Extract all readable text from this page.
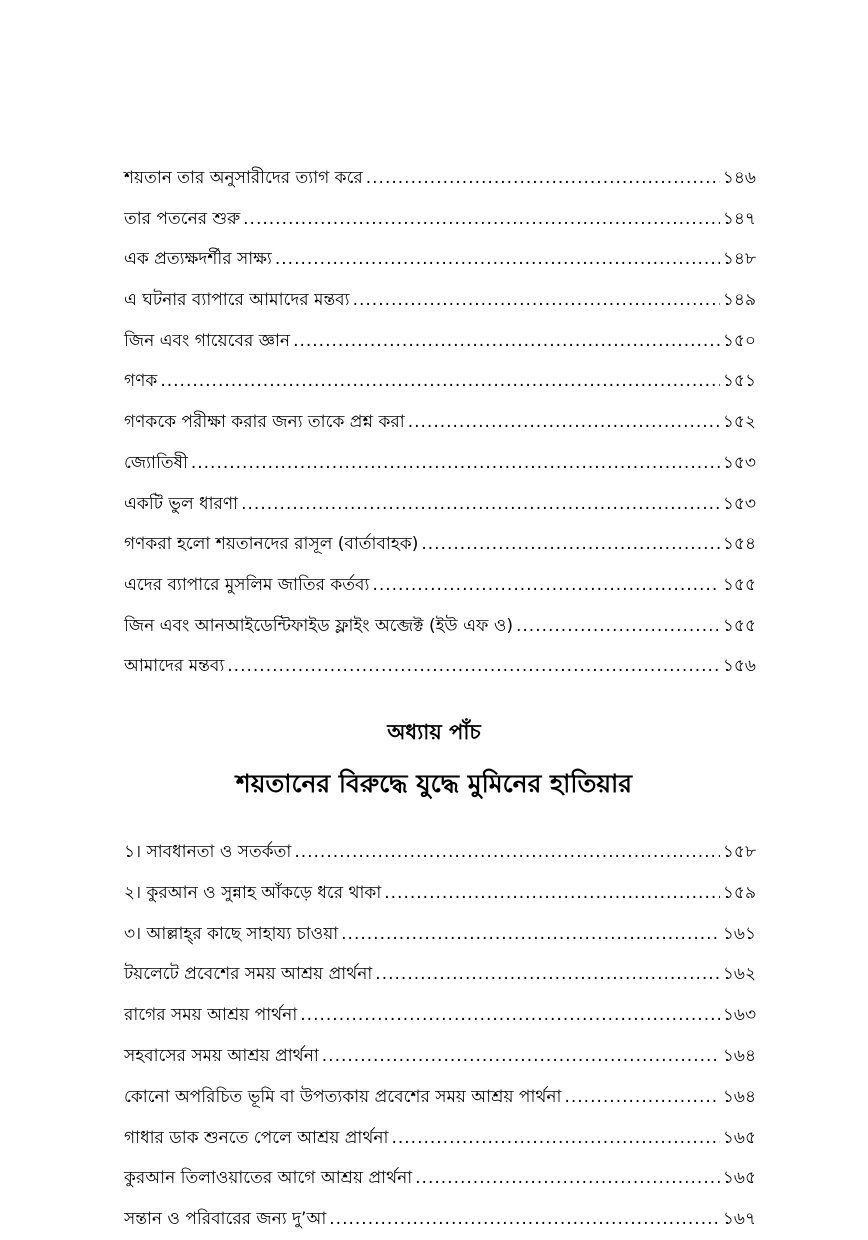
শয়তান তার অনুসারীদের ত্যাগ করে .....	১৪৬
তার পতনের শুরু .....	১৪৭
এক প্রত্যক্ষদর্শীর সাক্ষ্য .....	১৪৮
এ ঘটনার ব্যাপারে আমাদের মন্তব্য .....	১৪৯
জিন এবং গায়েবের জ্ঞান .....	১৫০
গণক .....	১৫১
গণককে পরীক্ষা করার জন্য তাকে প্রশ্ন করা .....	১৫২
জ্যোতিষী .....	১৫৩
একটি ভুল ধারণা .....	১৫৩
গণকরা হলো শয়তানদের রাসূল (বার্তাবাহক) .....	১৫৪
এদের ব্যাপারে মুসলিম জাতির কর্তব্য .....	১৫৫
জিন এবং আনআইডেন্টিফাইড ফ্লাইং অব্জেক্ট (ইউ এফ ও) .....	১৫৫
আমাদের মন্তব্য .....	১৫৬
অধ্যায় পাঁচ
শয়তানের বিরুদ্ধে যুদ্ধে মুমিনের হাতিয়ার
১। সাবধানতা ও সতর্কতা .....	১৫৮
২। কুরআন ও সুন্নাহ আঁকড়ে ধরে থাকা .....	১৫৯
৩। আল্লাহ্‌র কাছে সাহায্য চাওয়া .....	১৬১
টয়লেটে প্রবেশের সময় আশ্রয় প্রার্থনা .....	১৬২
রাগের সময় আশ্রয় পার্থনা .....	১৬৩
সহবাসের সময় আশ্রয় প্রার্থনা .....	১৬৪
কোনো অপরিচিত ভূমি বা উপত্যকায় প্রবেশের সময় আশ্রয় পার্থনা .....	১৬৪
গাধার ডাক শুনতে পেলে আশ্রয় প্রার্থনা .....	১৬৫
কুরআন তিলাওয়াতের আগে আশ্রয় প্রার্থনা .....	১৬৫
সন্তান ও পরিবারের জন্য দু’আ .....	১৬৭
